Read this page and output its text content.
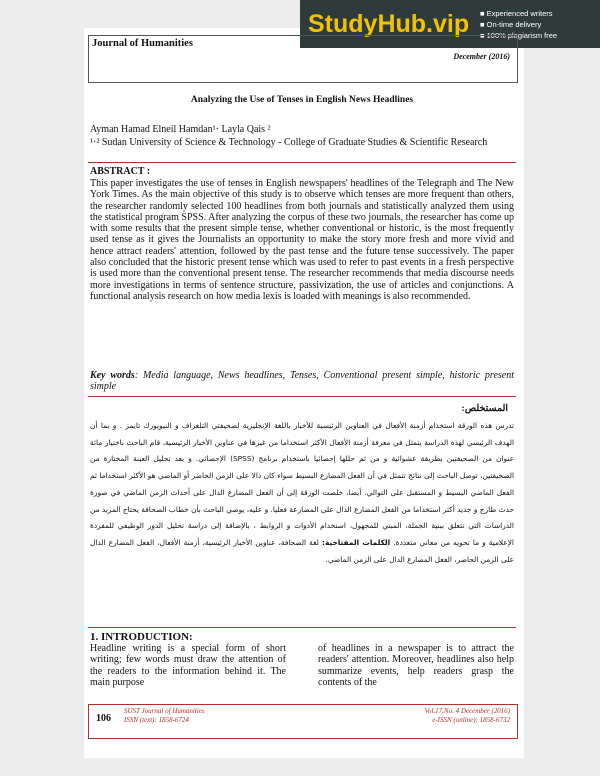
StudyHub.vip
■	Experienced writers
■ On-time delivery
■ 100% plagiarism free
Journal of Humanities
December (2016)
Analyzing the Use of Tenses in English News Headlines
Ayman Hamad Elneil Hamdan¹· Layla Qais ²
¹·² Sudan University of Science & Technology - College of Graduate Studies & Scientific Research
ABSTRACT :

This paper investigates the use of tenses in English newspapers' headlines of the Telegraph and The New York Times. As the main objective of this study is to observe which tenses are more frequent than others, the researcher randomly selected 100 headlines from both journals and statistically analyzed them using the statistical program SPSS. After analyzing the corpus of these two journals, the researcher has come up with some results that the present simple tense, whether conventional or historic, is the most frequently used tense as it gives the Journalists an opportunity to make the story more fresh and more vivid and hence attract readers' attention, followed by the past tense and the future tense successively. The paper also concluded that the historic present tense which was used to refer to past events in a fresh perspective is used more than the conventional present tense. The researcher recommends that media discourse needs more investigations in terms of sentence structure, passivization, the use of articles and conjunctions. A functional analysis research on how media lexis is loaded with meanings is also recommended.

Key words: Media language, News headlines, Tenses, Conventional present simple, historic present simple
المستخلص:

تدرس هذه الورقة استخدام أزمنة الأفعال في العناوين الرئيسية للأخبار باللغة الإنجليزية لصحيفتي التلغراف و النيويورك تايمز . و بما أن الهدف الرئيسي لهذه الدراسة يتمثل في معرفة أزمنة الأفعال الأكثر استخداما من غيرها في عناوين الأخبار الرئيسية، قام الباحث باختيار مائة عنوان من الصحيفتين بطريقة عشوائية و من ثم حللها إحصائيا باستخدام برنامج (SPSS) الإحصائي. و بعد تحليل العينة المختارة من الصحيفتين، توصل الباحث إلى نتائج تتمثل في أن الفعل المضارع البسيط سواء كان دالا على الزمن الحاضر أو الماضي هو الأكثر استخداما ثم الفعل الماضي البسيط و المستقبل على التوالي. أيضا، خلصت الورقة إلى أن الفعل المضارع الدال على أحداث الزمن الماضي في صورة حدث طازج و جديد أكثر استخداما من الفعل المضارع الدال على المضارعة فعليا. و عليه، يوصي الباحث بأن خطاب الصحافة يحتاج المزيد من الدراسات التي تتعلق ببنية الجملة، المبني للمجهول، استخدام الأدوات و الروابط ، بالإضافة إلى دراسة تحليل الدور الوظيفي للمفردة الإعلامية و ما تحويه من معاني متعددة. الكلمات المفتاحية: لغة الصحافة، عناوين الأخبار الرئيسية، أزمنة الأفعال، الفعل المضارع الدال على الزمن الحاضر، الفعل المضارع الدال على الزمن الماضي.

1. INTRODUCTION:

Headline writing is a special form of short writing; few words must draw the attention of the readers to the information behind it. The main purpose

of headlines in a newspaper is to attract the readers' attention. Moreover, headlines also help summarize events, help readers grasp the contents of the

106
SUST Journal of Humanities
ISSN (text): 1858-6724
Vol.17.No. 4 December (2016)
e-ISSN (online): 1858-6732
